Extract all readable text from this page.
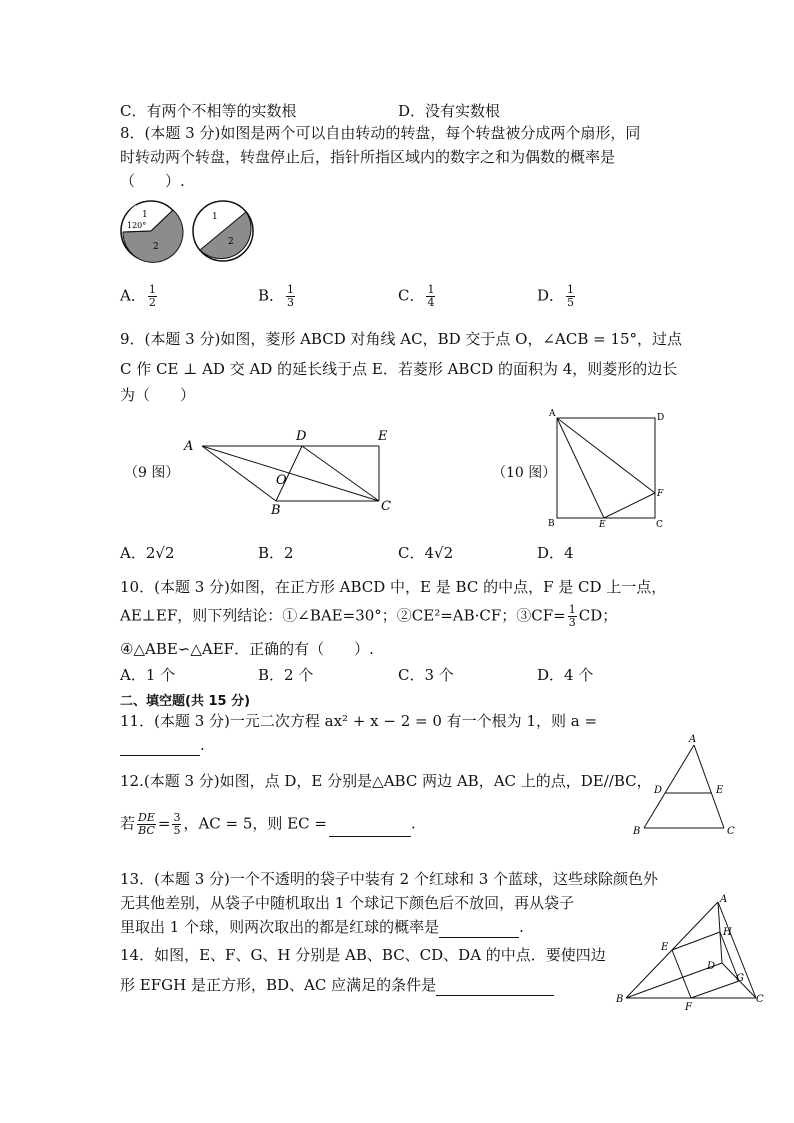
C．有两个不相等的实数根	D．没有实数根
8．(本题 3 分)如图是两个可以自由转动的转盘，每个转盘被分成两个扇形，同
时转动两个转盘，转盘停止后，指针所指区域内的数字之和为偶数的概率是
（　　）.
1
120°
2
1
2
A． $\frac{1}{2}$	B． $\frac{1}{3}$	C． $\frac{1}{4}$	D． $\frac{1}{5}$
9．(本题 3 分)如图，菱形 ABCD 对角线 AC，BD 交于点 O，∠ACB = 15°，过点
C 作 CE ⊥ AD 交 AD 的延长线于点 E．若菱形 ABCD 的面积为 4，则菱形的边长
为（　　）
（9 图）
A
D	E
O
B	C
（10 图）
A	D
F
B	E	C
A．2√2	B．2	C．4√2	D．4
10．(本题 3 分)如图，在正方形 ABCD 中，E 是 BC 的中点，F 是 CD 上一点，
AE⊥EF，则下列结论：①∠BAE=30°；②CE²=AB·CF；③CF= $\frac{1}{3}$ CD；
④△ABE∽△AEF．正确的有（　　）.
A．1 个	B．2 个	C．3 个	D．4 个
二、填空题(共 15 分)
11．(本题 3 分)一元二次方程 ax² + x − 2 = 0 有一个根为 1，则 a =
.
12.(本题 3 分)如图，点 D，E 分别是△ABC 两边 AB，AC 上的点，DE//BC，
若 $\frac{DE}{BC} = \frac{3}{5}$ ，AC = 5，则 EC =	.
A
D	E
B	C
13．(本题 3 分)一个不透明的袋子中装有 2 个红球和 3 个蓝球，这些球除颜色外
无其他差别，从袋子中随机取出 1 个球记下颜色后不放回，再从袋子
里取出 1 个球，则两次取出的都是红球的概率是	.
14．如图，E、F、G、H 分别是 AB、BC、CD、DA 的中点．要使四边
形 EFGH 是正方形，BD、AC 应满足的条件是
A
E
H
D
G
B
F
C
